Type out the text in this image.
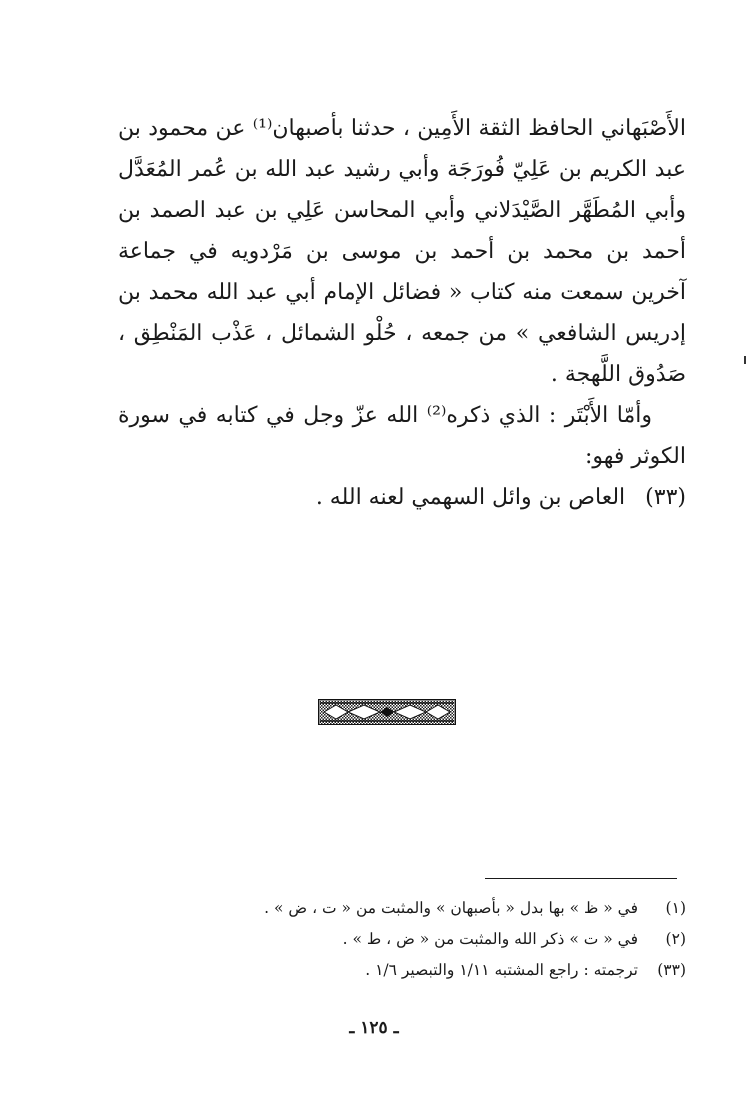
الأَصْبَهاني الحافظ الثقة الأَمِين ، حدثنا بأصبهان⁽¹⁾ عن محمود بن عبد الكريم بن عَلِيّ فُورَجَة وأبي رشيد عبد الله بن عُمر المُعَدَّل وأبي المُطَهَّر الصَّيْدَلاني وأبي المحاسن عَلِي بن عبد الصمد بن أحمد بن محمد بن أحمد بن موسى بن مَرْدويه في جماعة آخرين سمعت منه كتاب « فضائل الإمام أبي عبد الله محمد بن إدريس الشافعي » من جمعه ، حُلْو الشمائل ، عَذْب المَنْطِق ، صَدُوق اللَّهجة .

وأمّا الأَبْتَر : الذي ذكره⁽²⁾ الله عزّ وجل في كتابه في سورة الكوثر فهو:

(٣٣)العاص بن وائل السهمي لعنه الله .

(١)في « ظ » بها بدل « بأصبهان » والمثبت من « ت ، ض » .
(٢)في « ت » ذكر الله والمثبت من « ض ، ط » .
(٣٣)ترجمته : راجع المشتبه ١/١١ والتبصير ١/٦ .
ـ ١٢٥ ـ
